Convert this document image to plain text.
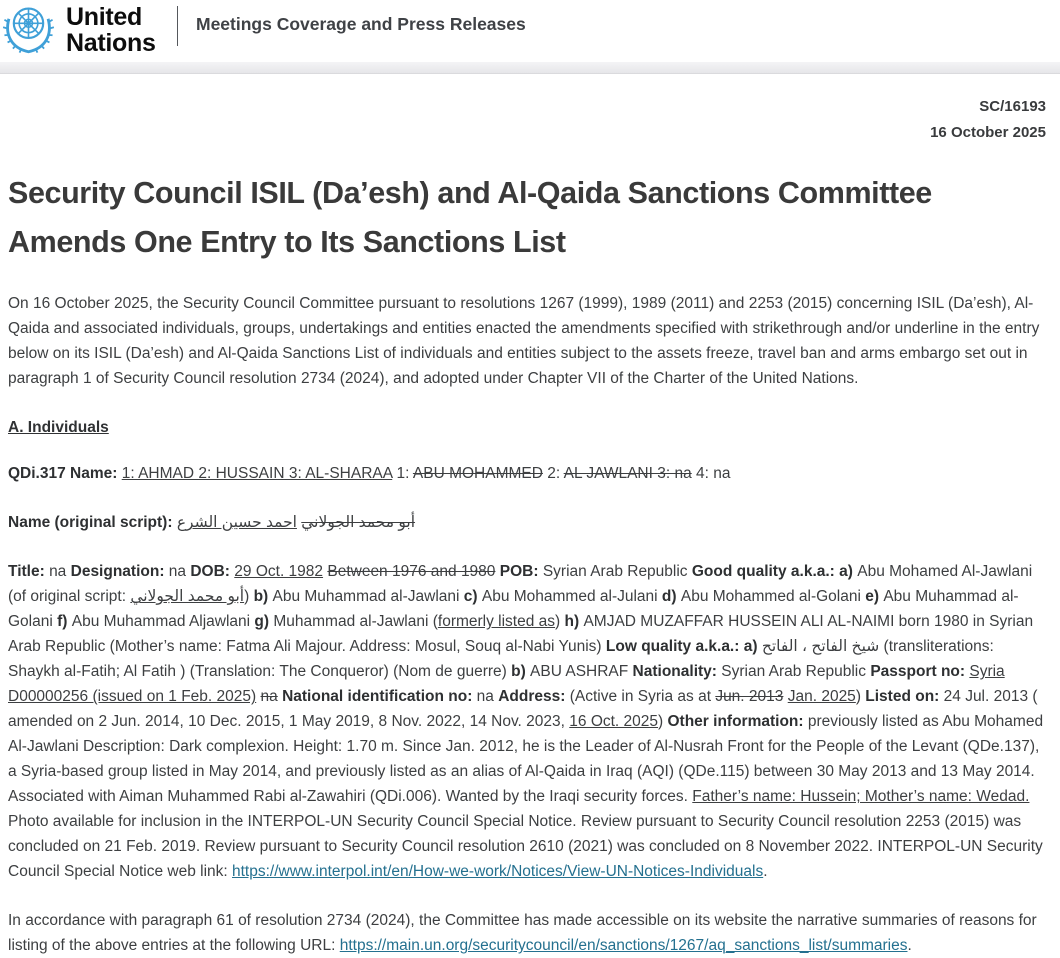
United
Nations
Meetings Coverage and Press Releases
SC/16193
16 October 2025
Security Council ISIL (Da’esh) and Al-Qaida Sanctions Committee Amends One Entry to Its Sanctions List

On 16 October 2025, the Security Council Committee pursuant to resolutions 1267 (1999), 1989 (2011) and 2253 (2015) concerning ISIL (Da’esh), Al-Qaida and associated individuals, groups, undertakings and entities enacted the amendments specified with strikethrough and/or underline in the entry below on its ISIL (Da’esh) and Al-Qaida Sanctions List of individuals and entities subject to the assets freeze, travel ban and arms embargo set out in paragraph 1 of Security Council resolution 2734 (2024), and adopted under Chapter VII of the Charter of the United Nations.

A. Individuals

QDi.317 Name: 1: AHMAD 2: HUSSAIN 3: AL-SHARAA 1: ABU MOHAMMED 2: AL JAWLANI 3: na 4: na

Name (original script):	أبو محمد الجولاني احمد حسين الشرع

Title: na Designation: na DOB: 29 Oct. 1982 Between 1976 and 1980 POB: Syrian Arab Republic Good quality a.k.a.: a) Abu Mohamed Al-Jawlani (of original script: أبو محمد الجولاني) b) Abu Muhammad al-Jawlani c) Abu Mohammed al-Julani d) Abu Mohammed al-Golani e) Abu Muhammad al-Golani f) Abu Muhammad Aljawlani g) Muhammad al-Jawlani (formerly listed as) h) AMJAD MUZAFFAR HUSSEIN ALI AL-NAIMI born 1980 in Syrian Arab Republic (Mother’s name: Fatma Ali Majour. Address: Mosul, Souq al-Nabi Yunis) Low quality a.k.a.: a) شيخ الفاتح ، الفاتح (transliterations: Shaykh al-Fatih; Al Fatih ) (Translation: The Conqueror) (Nom de guerre) b) ABU ASHRAF Nationality: Syrian Arab Republic Passport no: Syria D00000256 (issued on 1 Feb. 2025) na National identification no: na Address: (Active in Syria as at Jun. 2013 Jan. 2025) Listed on: 24 Jul. 2013 ( amended on 2 Jun. 2014, 10 Dec. 2015, 1 May 2019, 8 Nov. 2022, 14 Nov. 2023, 16 Oct. 2025) Other information: previously listed as Abu Mohamed Al-Jawlani Description: Dark complexion. Height: 1.70 m. Since Jan. 2012, he is the Leader of Al-Nusrah Front for the People of the Levant (QDe.137), a Syria-based group listed in May 2014, and previously listed as an alias of Al-Qaida in Iraq (AQI) (QDe.115) between 30 May 2013 and 13 May 2014. Associated with Aiman Muhammed Rabi al-Zawahiri (QDi.006). Wanted by the Iraqi security forces. Father’s name: Hussein; Mother’s name: Wedad. Photo available for inclusion in the INTERPOL-UN Security Council Special Notice. Review pursuant to Security Council resolution 2253 (2015) was concluded on 21 Feb. 2019. Review pursuant to Security Council resolution 2610 (2021) was concluded on 8 November 2022. INTERPOL-UN Security Council Special Notice web link: https://www.interpol.int/en/How-we-work/Notices/View-UN-Notices-Individuals.

In accordance with paragraph 61 of resolution 2734 (2024), the Committee has made accessible on its website the narrative summaries of reasons for listing of the above entries at the following URL: https://main.un.org/securitycouncil/en/sanctions/1267/aq_sanctions_list/summaries.
